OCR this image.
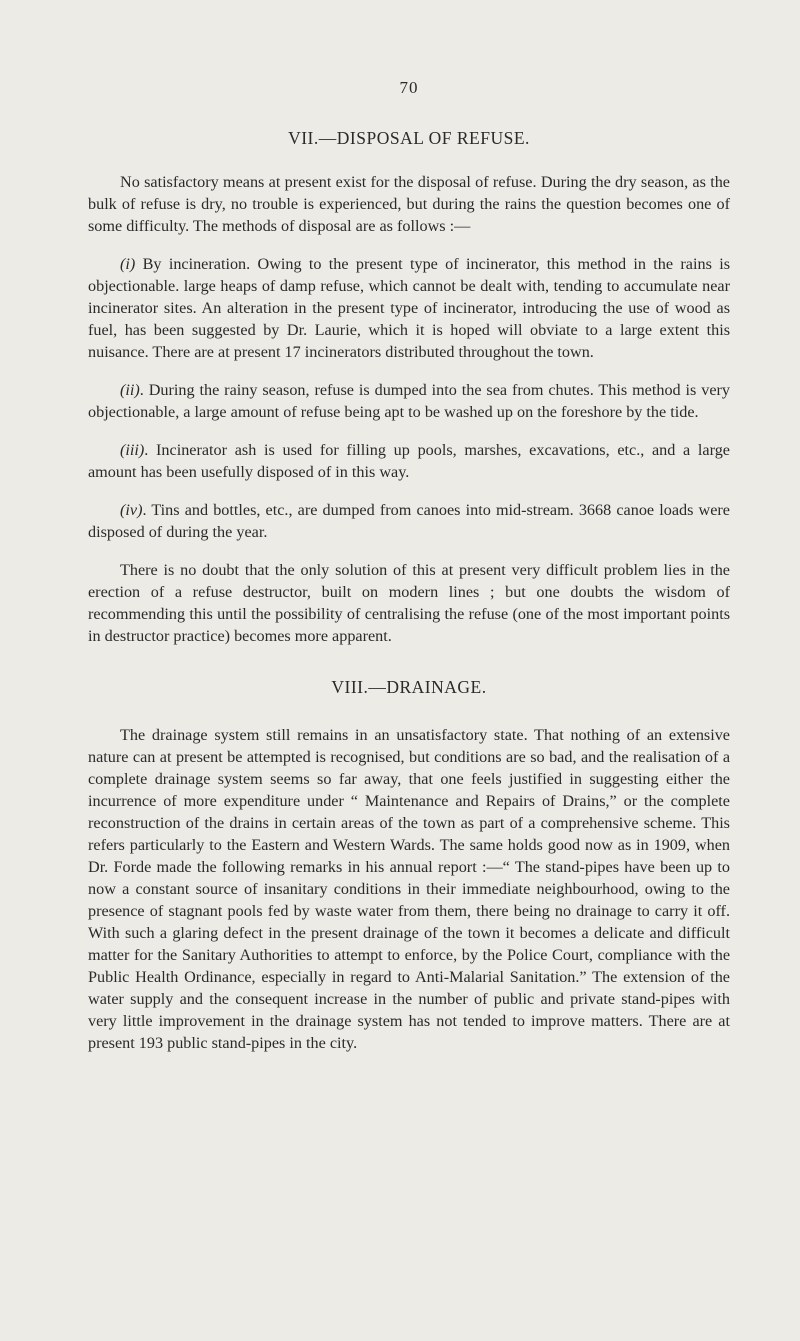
70
VII.—DISPOSAL OF REFUSE.

No satisfactory means at present exist for the disposal of refuse. During the dry season, as the bulk of refuse is dry, no trouble is experienced, but during the rains the question becomes one of some difficulty. The methods of disposal are as follows :—

(i) By incineration. Owing to the present type of incinerator, this method in the rains is objectionable. large heaps of damp refuse, which cannot be dealt with, tending to accumulate near incinerator sites. An alteration in the present type of incinerator, introducing the use of wood as fuel, has been suggested by Dr. Laurie, which it is hoped will obviate to a large extent this nuisance. There are at present 17 incinerators distributed throughout the town.

(ii). During the rainy season, refuse is dumped into the sea from chutes. This method is very objectionable, a large amount of refuse being apt to be washed up on the foreshore by the tide.

(iii). Incinerator ash is used for filling up pools, marshes, excavations, etc., and a large amount has been usefully disposed of in this way.

(iv). Tins and bottles, etc., are dumped from canoes into mid-stream. 3668 canoe loads were disposed of during the year.

There is no doubt that the only solution of this at present very difficult problem lies in the erection of a refuse destructor, built on modern lines ; but one doubts the wisdom of recommending this until the possibility of centralising the refuse (one of the most important points in destructor practice) becomes more apparent.

VIII.—DRAINAGE.

The drainage system still remains in an unsatisfactory state. That nothing of an extensive nature can at present be attempted is recognised, but conditions are so bad, and the realisation of a complete drainage system seems so far away, that one feels justified in suggesting either the incurrence of more expenditure under “ Maintenance and Repairs of Drains,” or the complete reconstruction of the drains in certain areas of the town as part of a comprehensive scheme. This refers particularly to the Eastern and Western Wards. The same holds good now as in 1909, when Dr. Forde made the following remarks in his annual report :—“ The stand-pipes have been up to now a constant source of insanitary conditions in their immediate neighbourhood, owing to the presence of stagnant pools fed by waste water from them, there being no drainage to carry it off. With such a glaring defect in the present drainage of the town it becomes a delicate and difficult matter for the Sanitary Authorities to attempt to enforce, by the Police Court, compliance with the Public Health Ordinance, especially in regard to Anti-Malarial Sanitation.” The extension of the water supply and the consequent increase in the number of public and private stand-pipes with very little improvement in the drainage system has not tended to improve matters. There are at present 193 public stand-pipes in the city.
